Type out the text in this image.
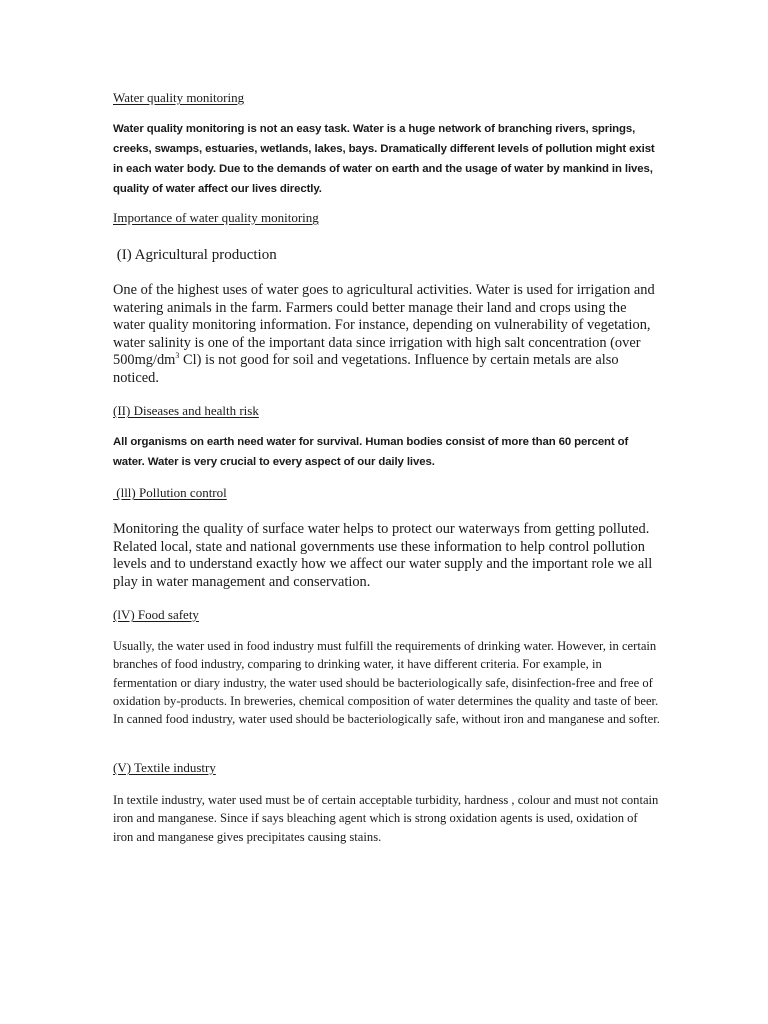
Water quality monitoring

Water quality monitoring is not an easy task. Water is a huge network of branching rivers, springs, creeks, swamps, estuaries, wetlands, lakes, bays. Dramatically different levels of pollution might exist in each water body. Due to the demands of water on earth and the usage of water by mankind in lives, quality of water affect our lives directly.

Importance of water quality monitoring

(I) Agricultural production

One of the highest uses of water goes to agricultural activities. Water is used for irrigation and watering animals in the farm. Farmers could better manage their land and crops using the water quality monitoring information. For instance, depending on vulnerability of vegetation, water salinity is one of the important data since irrigation with high salt concentration (over $500mg/dm^3$ Cl) is not good for soil and vegetations. Influence by certain metals are also noticed.

(II) Diseases and health risk

All organisms on earth need water for survival. Human bodies consist of more than 60 percent of water. Water is very crucial to every aspect of our daily lives.

(lll) Pollution control

Monitoring the quality of surface water helps to protect our waterways from getting polluted. Related local, state and national governments use these information to help control pollution levels and to understand exactly how we affect our water supply and the important role we all play in water management and conservation.

(lV) Food safety

Usually, the water used in food industry must fulfill the requirements of drinking water. However, in certain branches of food industry, comparing to drinking water, it have different criteria. For example, in fermentation or diary industry, the water used should be bacteriologically safe, disinfection-free and free of oxidation by-products. In breweries, chemical composition of water determines the quality and taste of beer. In canned food industry, water used should be bacteriologically safe, without iron and manganese and softer.

(V) Textile industry

In textile industry, water used must be of certain acceptable turbidity, hardness , colour and must not contain iron and manganese. Since if says bleaching agent which is strong oxidation agents is used, oxidation of iron and manganese gives precipitates causing stains.
